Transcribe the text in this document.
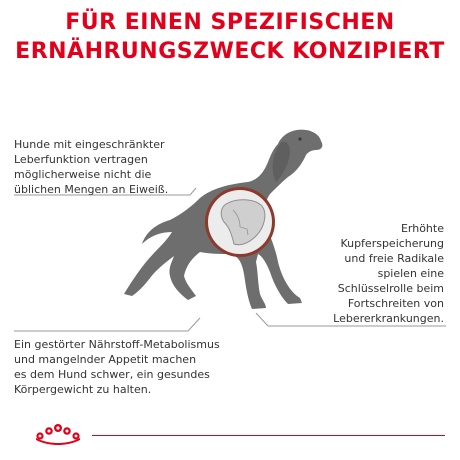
FÜR EINEN SPEZIFISCHEN
ERNÄHRUNGSZWECK KONZIPIERT

Hunde mit eingeschränkter
Leberfunktion vertragen
möglicherweise nicht die
üblichen Mengen an Eiweiß.

Erhöhte
Kupferspeicherung
und freie Radikale
spielen eine
Schlüsselrolle beim
Fortschreiten von
Lebererkrankungen.

Ein gestörter Nährstoff-Metabolismus
und mangelnder Appetit machen
es dem Hund schwer, ein gesundes
Körpergewicht zu halten.
